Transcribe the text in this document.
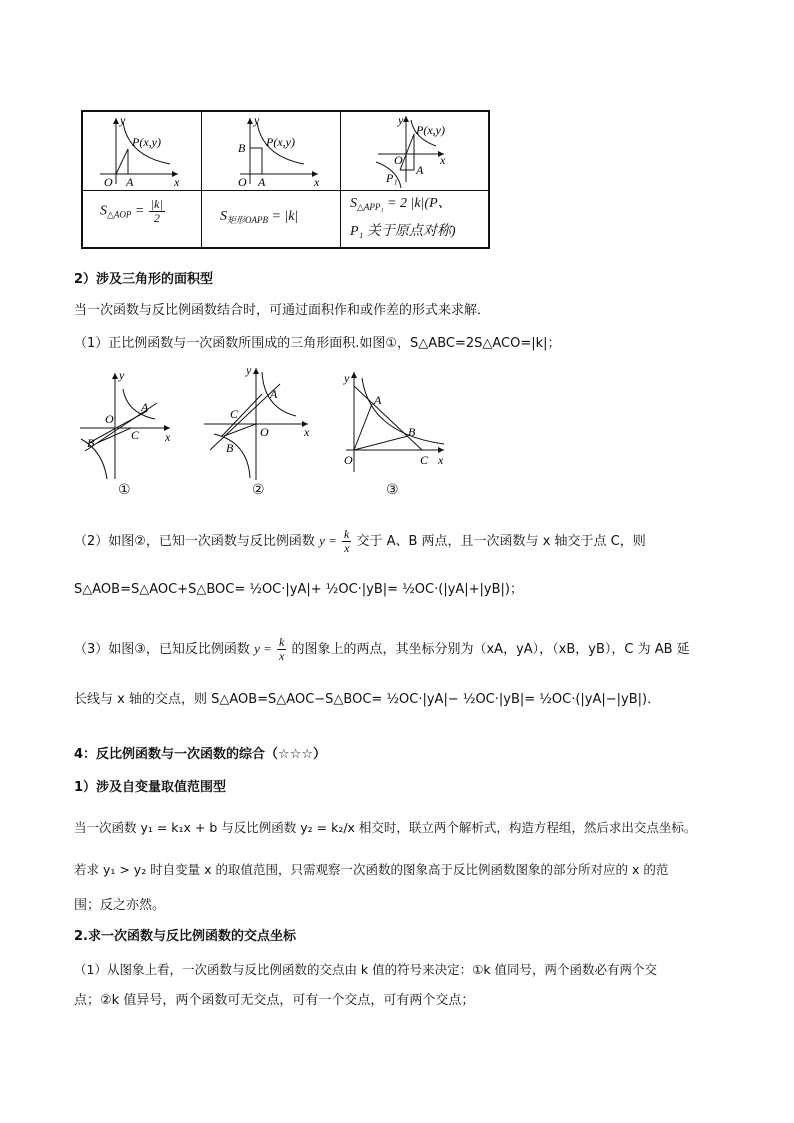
y
x
O A
P(x,y)
y
x
O A
B P(x,y)
y
x
O
A
P₁
P(x,y)
$S_{\triangle AOP} = \frac{|k|}{2}$	$S_{矩形OAPB} = |k|$
$S_{\triangle APP_1} = 2$ |k|(P、
P₁ 关于原点对称)
2）涉及三角形的面积型
当一次函数与反比例函数结合时，可通过面积作和或作差的形式来求解．
（1）正比例函数与一次函数所围成的三角形面积.如图①，S△ABC=2S△ACO=|k|；
y
x
O
A
B
C
①
y
x
O
A
B
C
②
y
x
O
A
B
C
③
（2）如图②，已知一次函数与反比例函数 $y = \frac{k}{x}$ 交于 A、B 两点，且一次函数与 x 轴交于点 C，则
S△AOB=S△AOC+S△BOC= ½OC·|yA|+ ½OC·|yB|= ½OC·(|yA|+|yB|)；
（3）如图③，已知反比例函数 $y = \frac{k}{x}$ 的图象上的两点，其坐标分别为（xA，yA），（xB，yB），C 为 AB 延
长线与 x 轴的交点，则 S△AOB=S△AOC−S△BOC= ½OC·|yA|− ½OC·|yB|= ½OC·(|yA|−|yB|)．
4：反比例函数与一次函数的综合（☆☆☆）
1）涉及自变量取值范围型
当一次函数 y₁ = k₁x + b 与反比例函数 y₂ = k₂/x 相交时，联立两个解析式，构造方程组，然后求出交点坐标。
若求 y₁ > y₂ 时自变量 x 的取值范围，只需观察一次函数的图象高于反比例函数图象的部分所对应的 x 的范
围；反之亦然。
2.求一次函数与反比例函数的交点坐标
（1）从图象上看，一次函数与反比例函数的交点由 k 值的符号来决定：①k 值同号，两个函数必有两个交
点；②k 值异号，两个函数可无交点，可有一个交点，可有两个交点；
